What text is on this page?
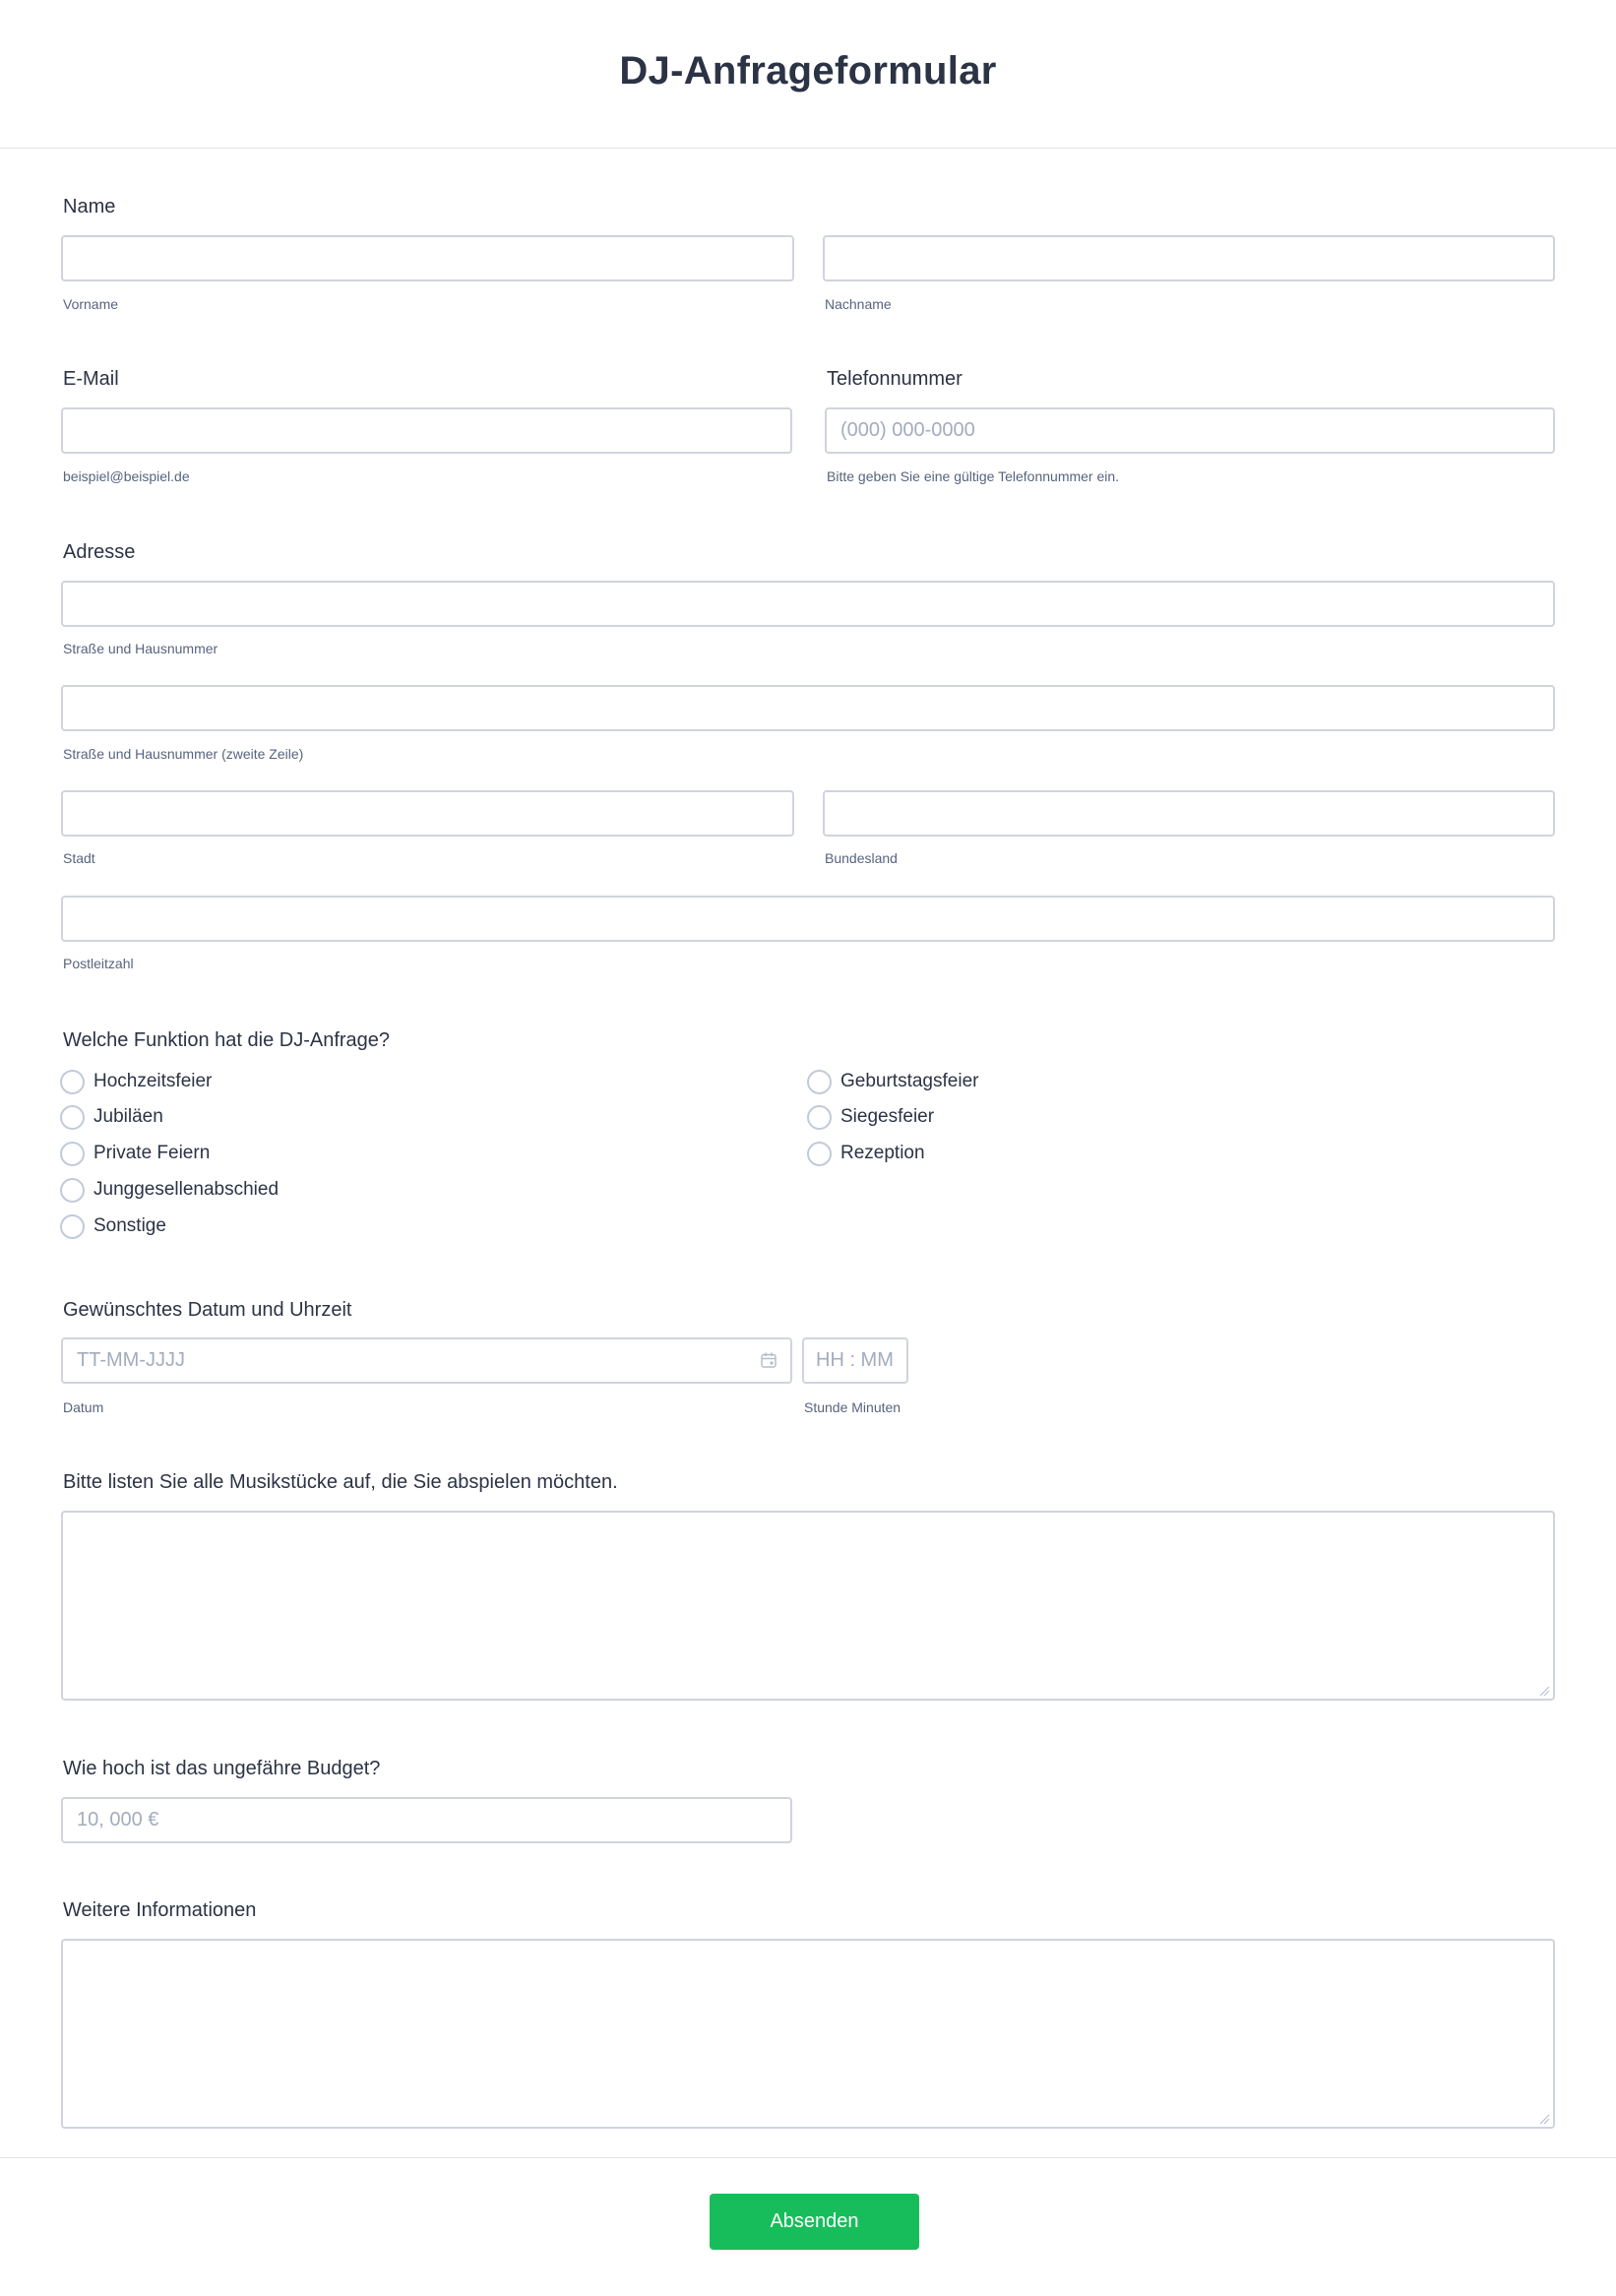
DJ-Anfrageformular
Name
Vorname	Nachname
E-Mail
beispiel@beispiel.de
Telefonnummer
(000) 000-0000
Bitte geben Sie eine gültige Telefonnummer ein.
Adresse
Straße und Hausnummer
Straße und Hausnummer (zweite Zeile)
Stadt	Bundesland
Postleitzahl
Welche Funktion hat die DJ-Anfrage?
Hochzeitsfeier
Jubiläen
Private Feiern
Junggesellenabschied
Sonstige
Geburtstagsfeier
Siegesfeier
Rezeption
Gewünschtes Datum und Uhrzeit
TT-MM-JJJJ
HH : MM
Datum	Stunde Minuten
Bitte listen Sie alle Musikstücke auf, die Sie abspielen möchten.
Wie hoch ist das ungefähre Budget?
10, 000 €
Weitere Informationen
Absenden
